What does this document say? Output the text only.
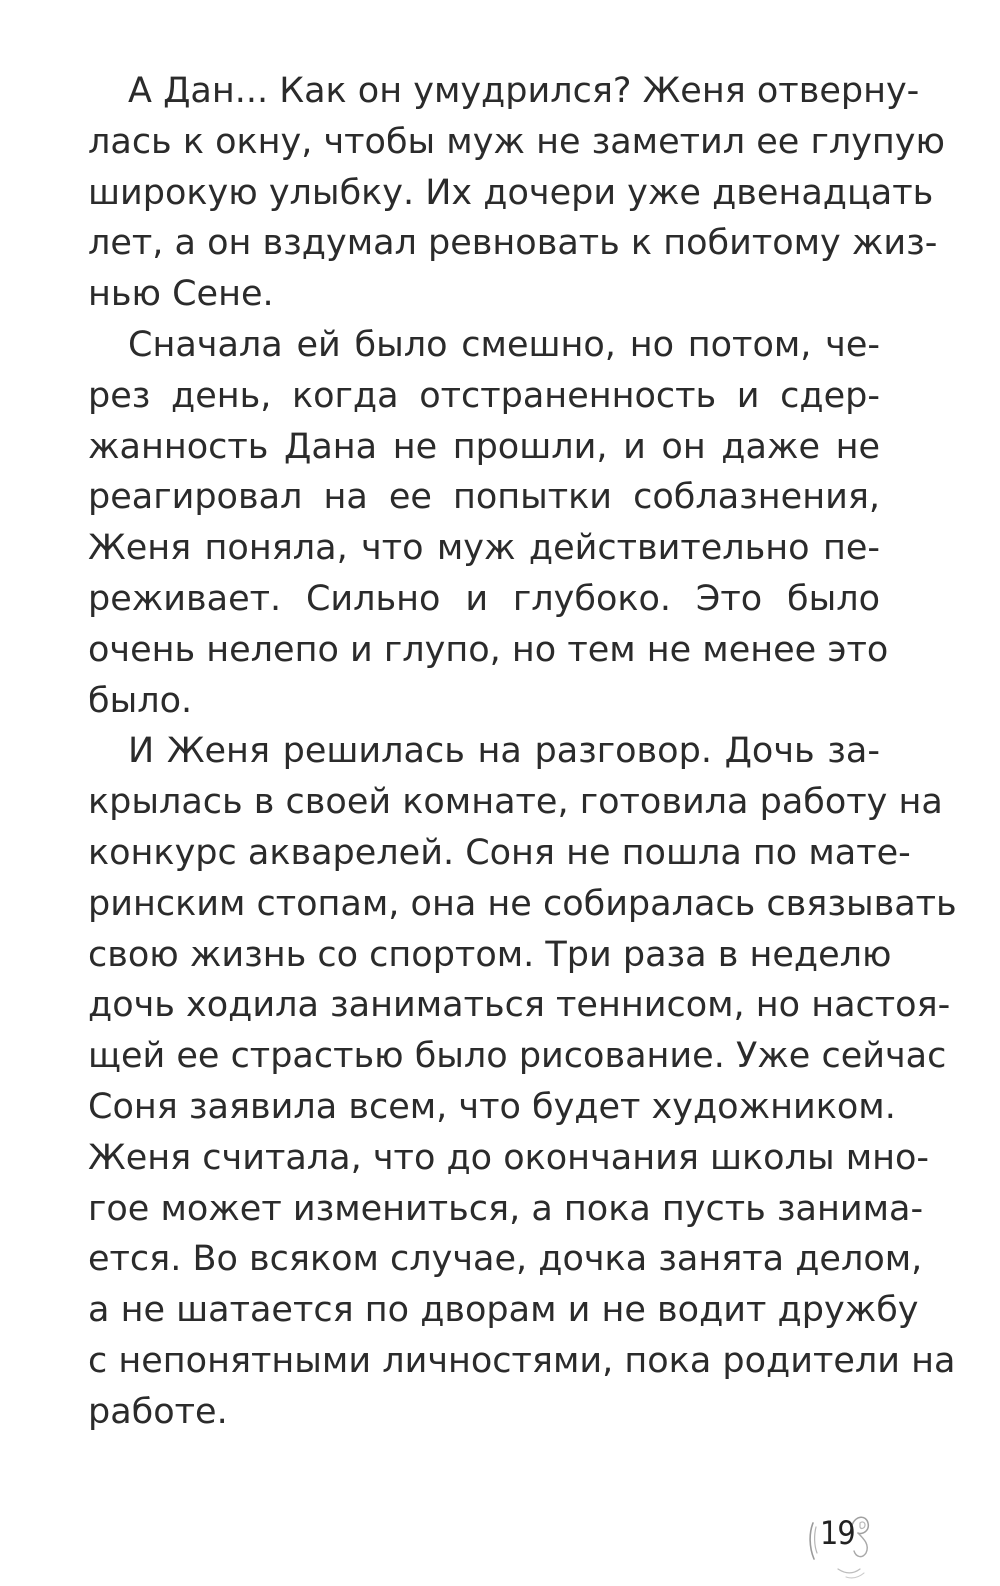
А Дан... Как он умудрился? Женя отверну-
лась к окну, чтобы муж не заметил ее глупую
широкую улыбку. Их дочери уже двенадцать
лет, а он вздумал ревновать к побитому жиз-
нью Сене.

Сначала ей было смешно, но потом, че-
рез день, когда отстраненность и сдер-
жанность Дана не прошли, и он даже не
реагировал на ее попытки соблазнения,
Женя поняла, что муж действительно пе-
реживает. Сильно и глубоко. Это было
очень нелепо и глупо, но тем не менее это
было.

И Женя решилась на разговор. Дочь за-
крылась в своей комнате, готовила работу на
конкурс акварелей. Соня не пошла по мате-
ринским стопам, она не собиралась связывать
свою жизнь со спортом. Три раза в неделю
дочь ходила заниматься теннисом, но настоя-
щей ее страстью было рисование. Уже сейчас
Соня заявила всем, что будет художником.
Женя считала, что до окончания школы мно-
гое может измениться, а пока пусть занима-
ется. Во всяком случае, дочка занята делом,
а не шатается по дворам и не водит дружбу
с непонятными личностями, пока родители на
работе.

19
